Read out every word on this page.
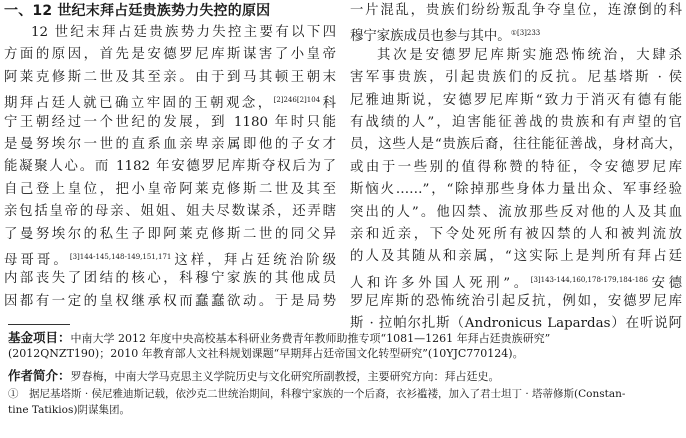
一、12 世纪末拜占廷贵族势力失控的原因
12 世纪末拜占廷贵族势力失控主要有以下四
方面的原因，首先是安德罗尼库斯谋害了小皇帝
阿莱克修斯二世及其至亲。由于到马其顿王朝末
期拜占廷人就已确立牢固的王朝观念，$^{[2]246[2]104}$科
宁王朝经过一个世纪的发展，到 1180 年时只能
是曼努埃尔一世的直系血亲卑亲属即他的子女才
能凝聚人心。而 1182 年安德罗尼库斯夺权后为了
自己登上皇位，把小皇帝阿莱克修斯二世及其至
亲包括皇帝的母亲、姐姐、姐夫尽数谋杀，还弄瞎
了曼努埃尔的私生子即阿莱克修斯二世的同父异
母哥哥。$^{[3]144-145,148-149,151,171}$这样，拜占廷统治阶级
内部丧失了团结的核心，科穆宁家族的其他成员
因都有一定的皇权继承权而蠢蠢欲动。于是局势
一片混乱，贵族们纷纷叛乱争夺皇位，连潦倒的科
穆宁家族成员也参与其中。$^{①[3]233}$
其次是安德罗尼库斯实施恐怖统治，大肆杀
害军事贵族，引起贵族们的反抗。尼基塔斯 · 侯
尼雅迪斯说，安德罗尼库斯“致力于消灭有德有能
有战绩的人”，迫害能征善战的贵族和有声望的官
员，这些人是“贵族后裔，往往能征善战，身材高大，
或由于一些别的值得称赞的特征，令安德罗尼库
斯恼火……”，“除掉那些身体力量出众、军事经验
突出的人”。他囚禁、流放那些反对他的人及其血
亲和近亲，下令处死所有被囚禁的人和被判流放
的人及其随从和亲属，“这实际上是判所有拜占廷
人和许多外国人死刑”。$^{[3]143-144,160,178-179,184-186}$安德
罗尼库斯的恐怖统治引起反抗，例如，安德罗尼库
斯 · 拉帕尔扎斯（Andronicus Lapardas）在听说阿
基金项目：中南大学 2012 年度中央高校基本科研业务费青年教师助推专项“1081—1261 年拜占廷贵族研究”
(2012QNZT190)；2010 年教育部人文社科规划课题“早期拜占廷帝国文化转型研究”(10YJC770124)。
作者简介：罗春梅，中南大学马克思主义学院历史与文化研究所副教授，主要研究方向：拜占廷史。
①　据尼基塔斯 · 侯尼雅迪斯记载，依沙克二世统治期间，科穆宁家族的一个后裔，衣衫褴褛，加入了君士坦丁 · 塔蒂修斯(Constan-
tine Tatikios)阴谋集团。
